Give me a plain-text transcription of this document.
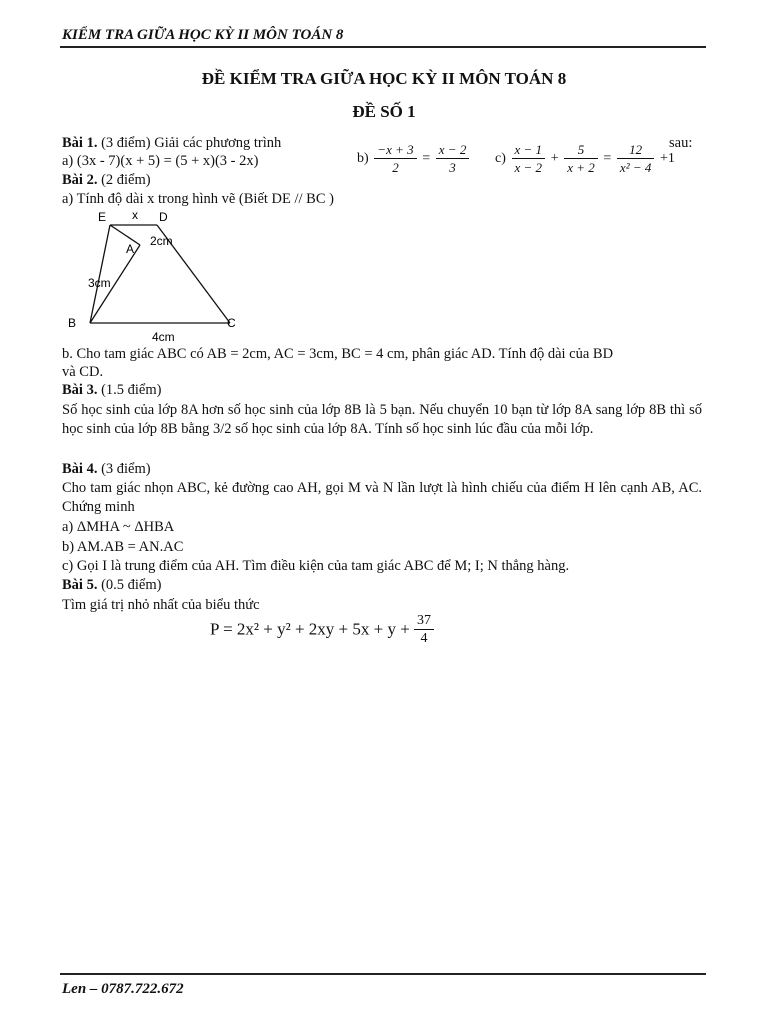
KIỂM TRA GIỮA HỌC KỲ II MÔN TOÁN 8
ĐỀ KIỂM TRA GIỮA HỌC KỲ II MÔN TOÁN 8
ĐỀ SỐ 1
Bài 1. (3 điểm) Giải các phương trình	sau:
a) (3x - 7)(x + 5) = (5 + x)(3 - 2x)	$b) \frac{-x + 3}{2} = \frac{x - 2}{3} c) \frac{x - 1}{x - 2} + \frac{5}{x + 2} = \frac{12}{\text{x² − 4}} +1$
Bài 2. (2 điểm)
a) Tính độ dài x trong hình vẽ (Biết DE // BC )
E	D
x
A
2cm
3cm
B	C
4cm
b. Cho tam giác ABC có AB = 2cm, AC = 3cm, BC = 4 cm, phân giác AD. Tính độ dài của BD
và CD.
Bài 3. (1.5 điểm)
Số học sinh của lớp 8A hơn số học sinh của lớp 8B là 5 bạn. Nếu chuyển 10 bạn từ lớp 8A sang lớp 8B thì số học sinh của lớp 8B bằng 3/2 số học sinh của lớp 8A. Tính số học sinh lúc đầu của mỗi lớp.
Bài 4. (3 điểm)
Cho tam giác nhọn ABC, kẻ đường cao AH, gọi M và N lần lượt là hình chiếu của điểm H lên cạnh AB, AC. Chứng minh
a) ΔMHA ~ ΔHBA
b) AM.AB = AN.AC
c) Gọi I là trung điểm của AH. Tìm điều kiện của tam giác ABC để M; I; N thẳng hàng.
Bài 5. (0.5 điểm)
Tìm giá trị nhỏ nhất của biểu thức
$P = 2x^2 + y^2 + 2xy + 5x + y + \frac{37}{4}$
Len – 0787.722.672
